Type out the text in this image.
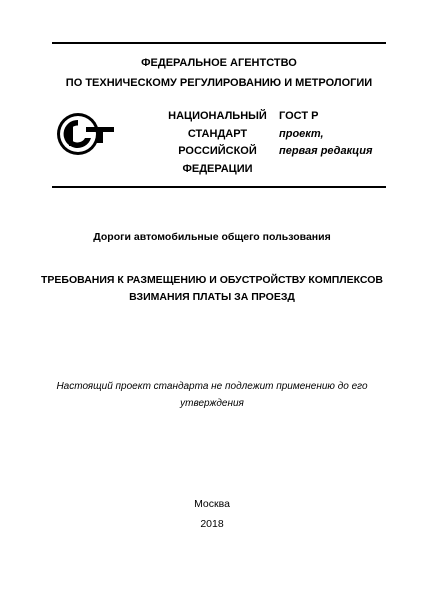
ФЕДЕРАЛЬНОЕ АГЕНТСТВО
ПО ТЕХНИЧЕСКОМУ РЕГУЛИРОВАНИЮ И МЕТРОЛОГИИ
НАЦИОНАЛЬНЫЙ
СТАНДАРТ
РОССИЙСКОЙ
ФЕДЕРАЦИИ
ГОСТ Р
проект,
первая редакция
Дороги автомобильные общего пользования
ТРЕБОВАНИЯ К РАЗМЕЩЕНИЮ И ОБУСТРОЙСТВУ КОМПЛЕКСОВ
ВЗИМАНИЯ ПЛАТЫ ЗА ПРОЕЗД
Настоящий проект стандарта не подлежит применению до его
утверждения
Москва
2018
